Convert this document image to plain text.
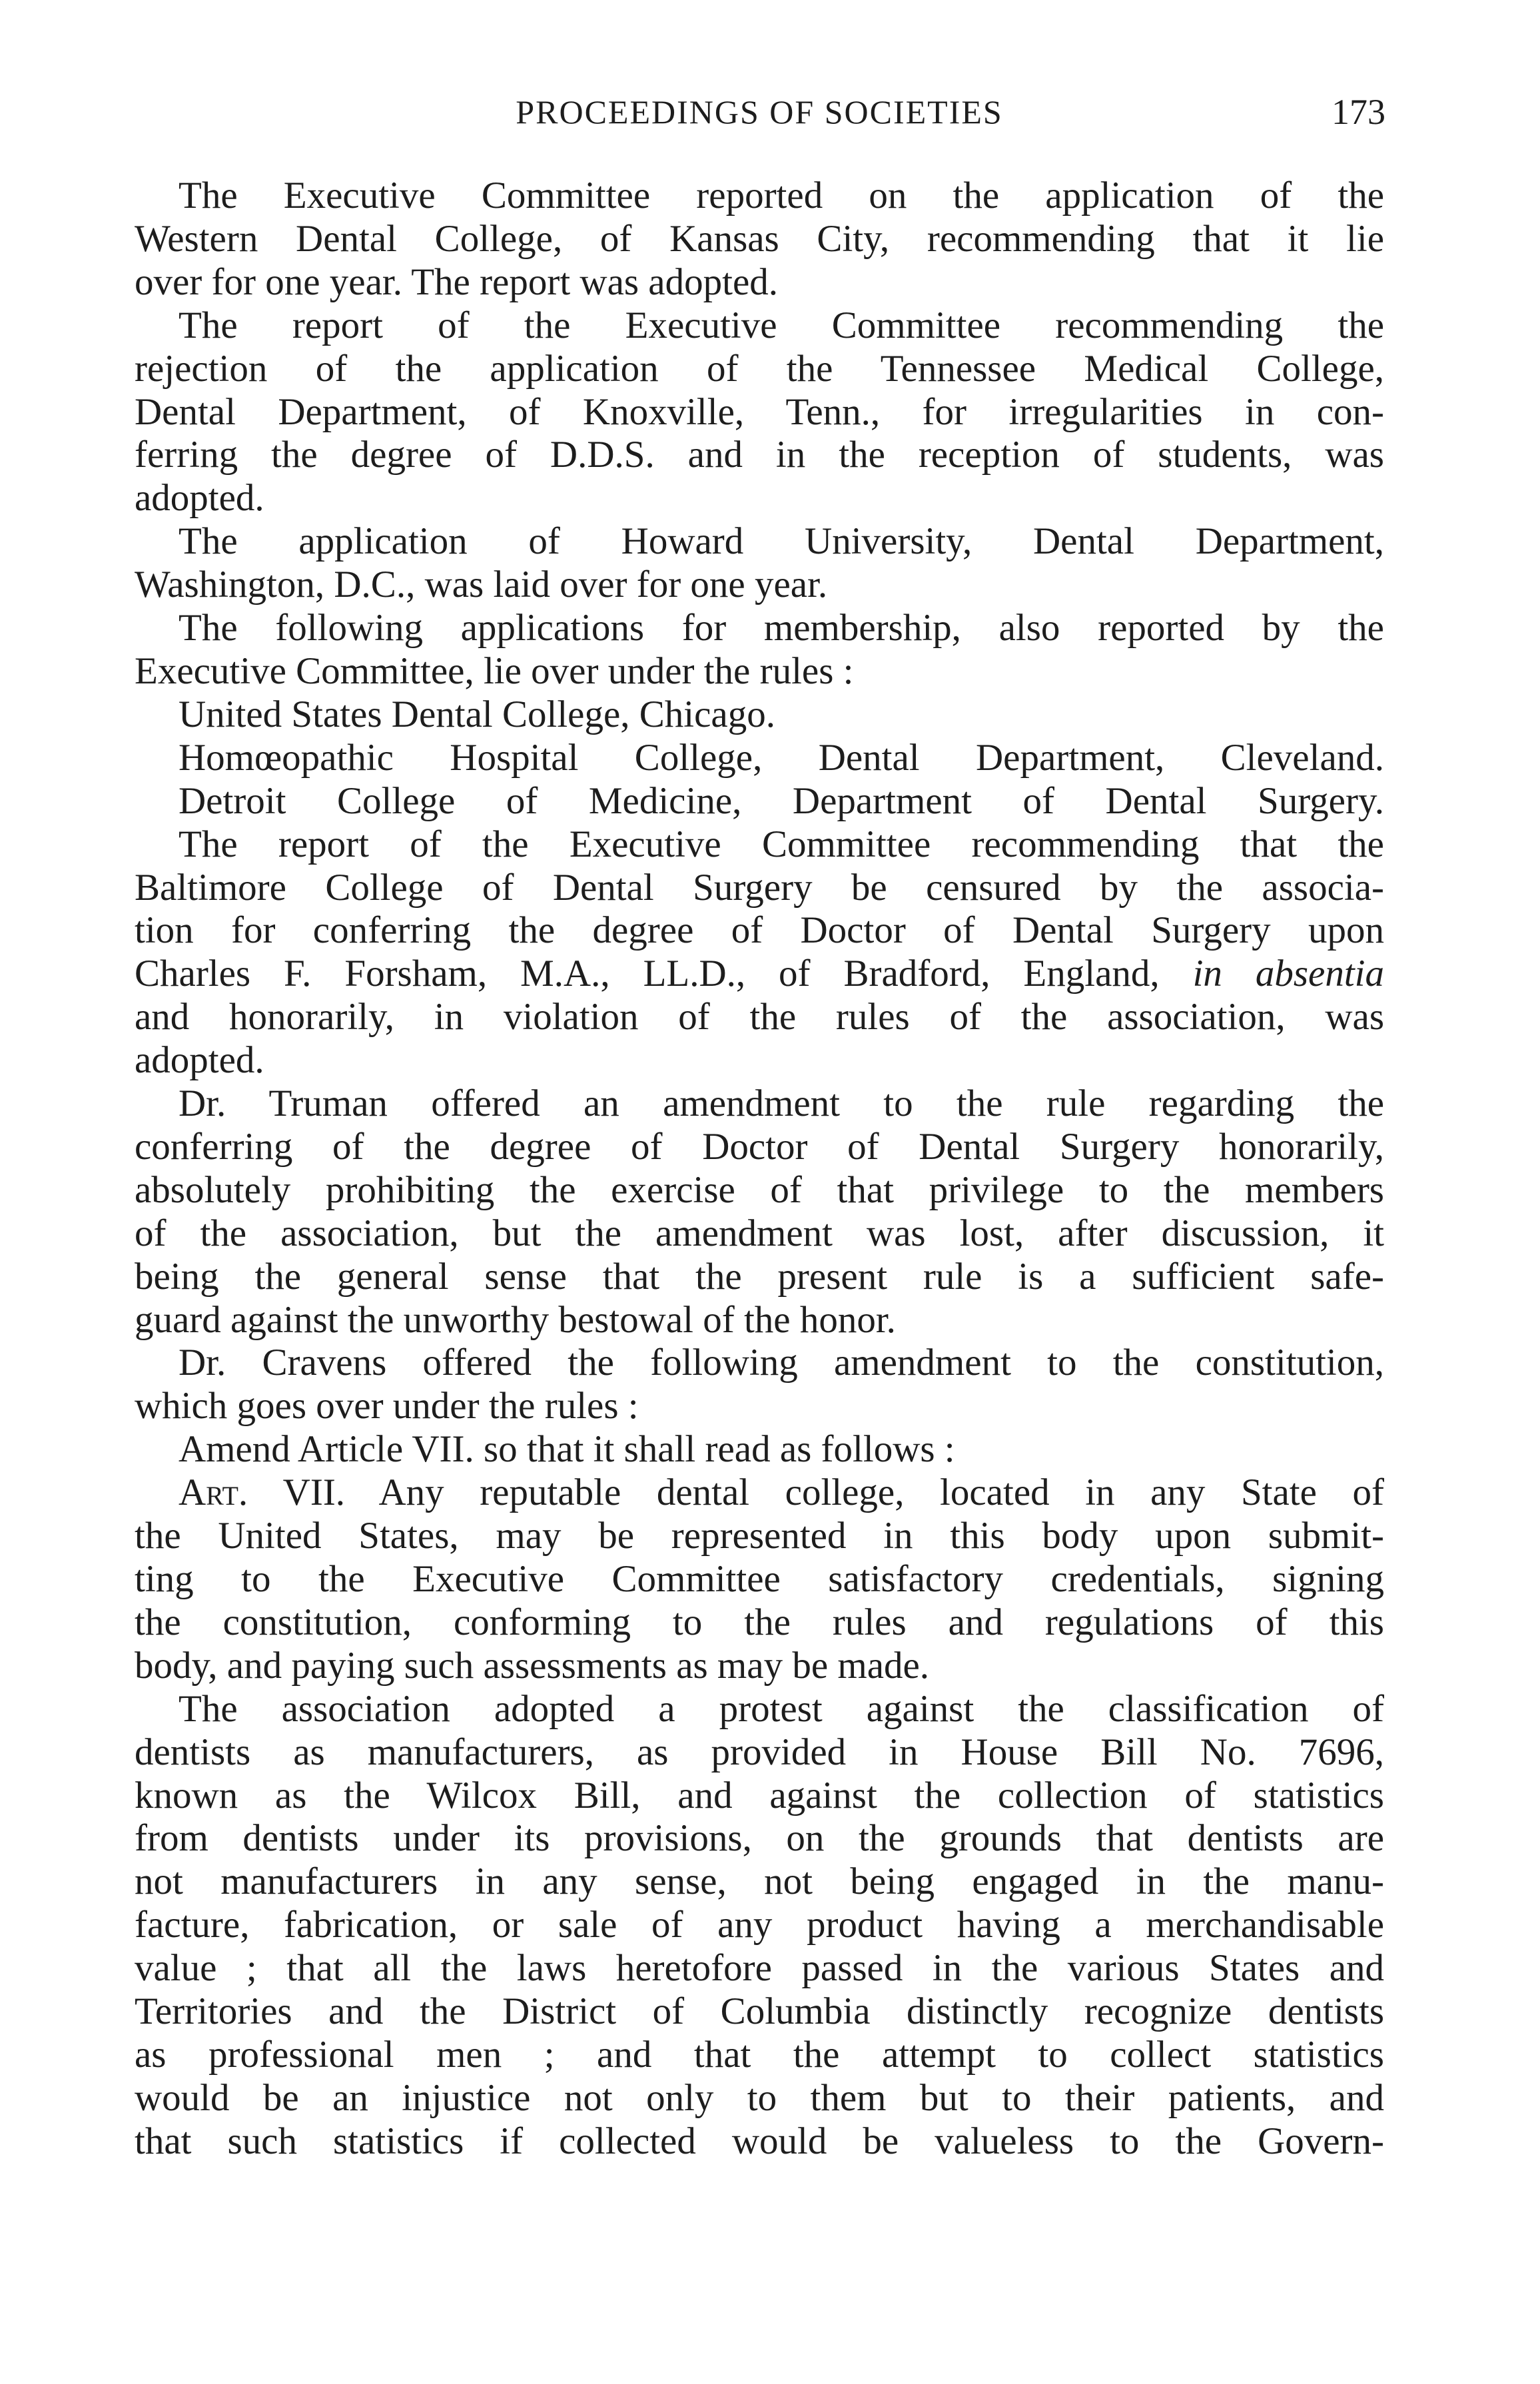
PROCEEDINGS OF SOCIETIES	173
The Executive Committee reported on the application of the
Western Dental College, of Kansas City, recommending that it lie
over for one year. The report was adopted.
The report of the Executive Committee recommending the
rejection of the application of the Tennessee Medical College,
Dental Department, of Knoxville, Tenn., for irregularities in con-
ferring the degree of D.D.S. and in the reception of students, was
adopted.
The application of Howard University, Dental Department,
Washington, D.C., was laid over for one year.
The following applications for membership, also reported by the
Executive Committee, lie over under the rules :
United States Dental College, Chicago.
Homœopathic Hospital College, Dental Department, Cleveland.
Detroit College of Medicine, Department of Dental Surgery.
The report of the Executive Committee recommending that the
Baltimore College of Dental Surgery be censured by the associa-
tion for conferring the degree of Doctor of Dental Surgery upon
Charles F. Forsham, M.A., LL.D., of Bradford, England, in absentia
and honorarily, in violation of the rules of the association, was
adopted.
Dr. Truman offered an amendment to the rule regarding the
conferring of the degree of Doctor of Dental Surgery honorarily,
absolutely prohibiting the exercise of that privilege to the members
of the association, but the amendment was lost, after discussion, it
being the general sense that the present rule is a sufficient safe-
guard against the unworthy bestowal of the honor.
Dr. Cravens offered the following amendment to the constitution,
which goes over under the rules :
Amend Article VII. so that it shall read as follows :
Art. VII. Any reputable dental college, located in any State of
the United States, may be represented in this body upon submit-
ting to the Executive Committee satisfactory credentials, signing
the constitution, conforming to the rules and regulations of this
body, and paying such assessments as may be made.
The association adopted a protest against the classification of
dentists as manufacturers, as provided in House Bill No. 7696,
known as the Wilcox Bill, and against the collection of statistics
from dentists under its provisions, on the grounds that dentists are
not manufacturers in any sense, not being engaged in the manu-
facture, fabrication, or sale of any product having a merchandisable
value ; that all the laws heretofore passed in the various States and
Territories and the District of Columbia distinctly recognize dentists
as professional men ; and that the attempt to collect statistics
would be an injustice not only to them but to their patients, and
that such statistics if collected would be valueless to the Govern-
